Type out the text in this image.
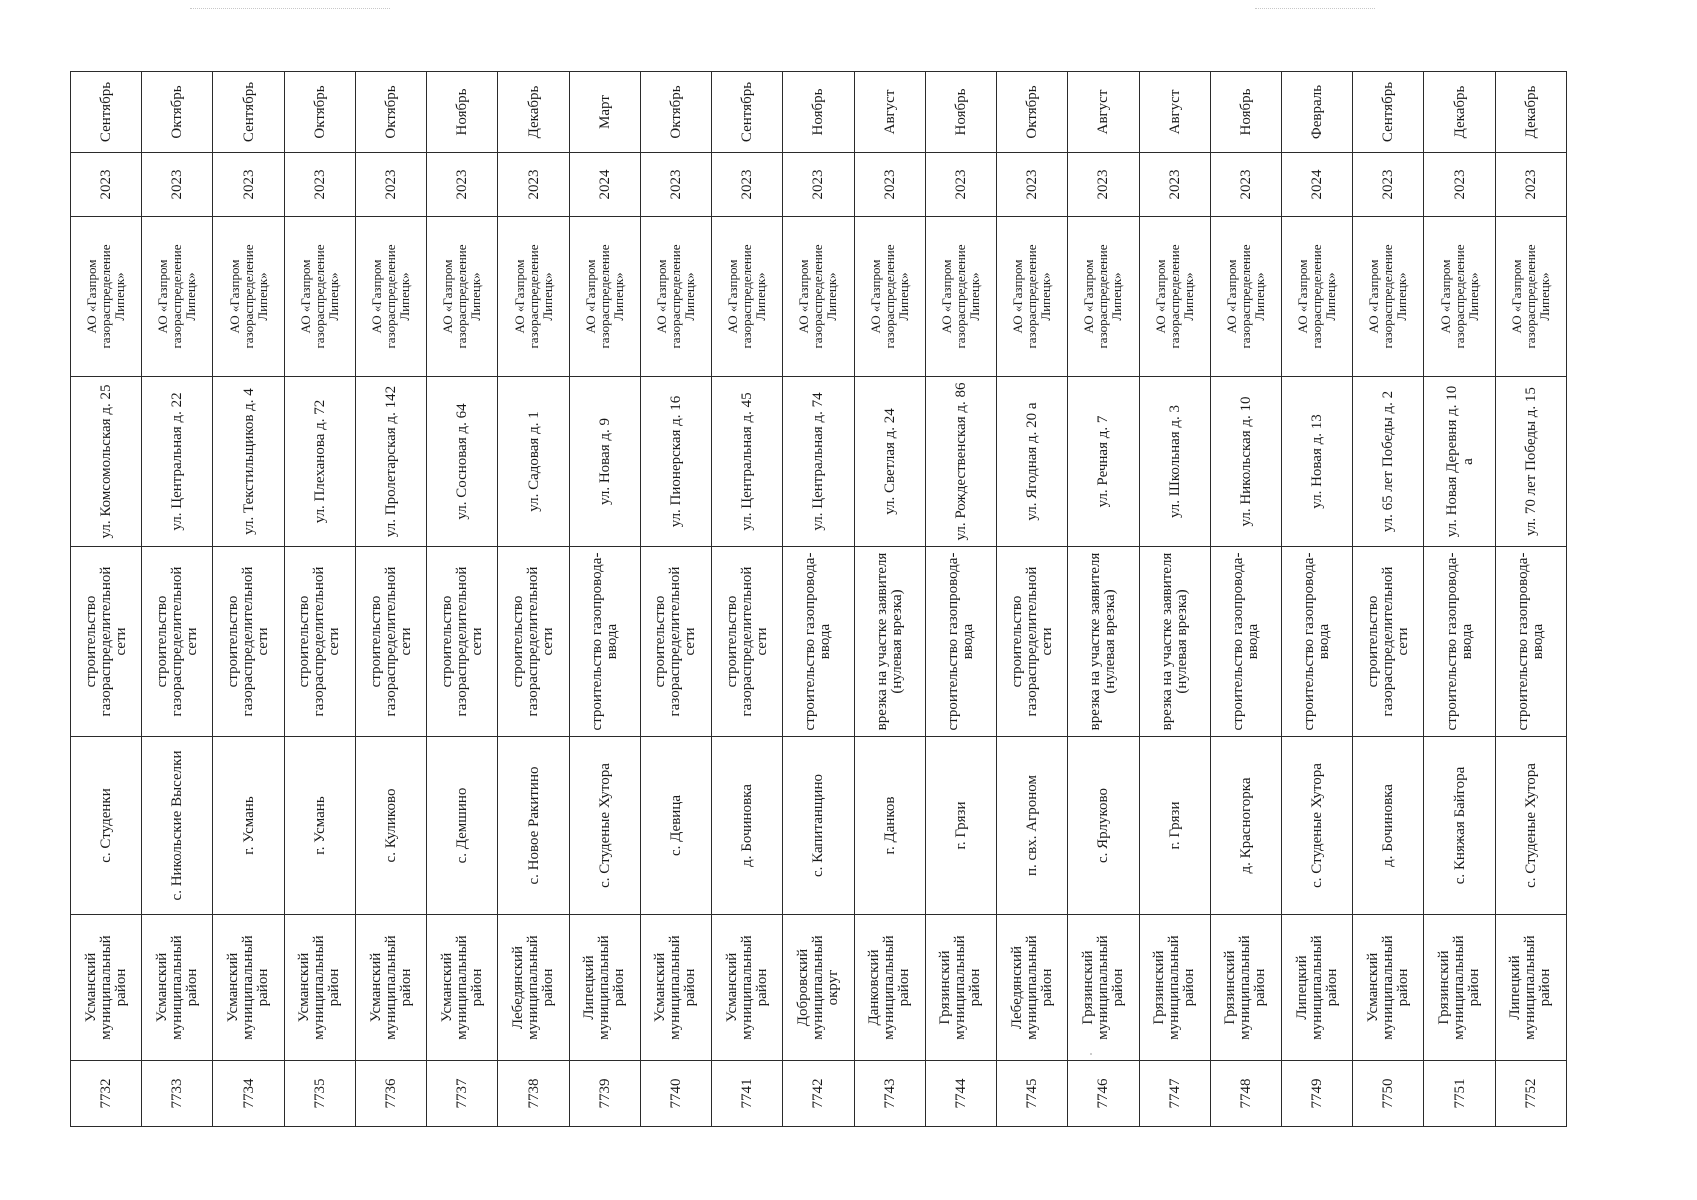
7732	Усманский муниципальный район	с. Студенки	строительство газораспределительной сети	ул. Комсомольская д. 25	АО «Газпром газораспределение Липецк»	2023	Сентябрь
7733	Усманский муниципальный район	с. Никольские Выселки	строительство газораспределительной сети	ул. Центральная д. 22	АО «Газпром газораспределение Липецк»	2023	Октябрь
7734	Усманский муниципальный район	г. Усмань	строительство газораспределительной сети	ул. Текстильщиков д. 4	АО «Газпром газораспределение Липецк»	2023	Сентябрь
7735	Усманский муниципальный район	г. Усмань	строительство газораспределительной сети	ул. Плеханова д. 72	АО «Газпром газораспределение Липецк»	2023	Октябрь
7736	Усманский муниципальный район	с. Куликово	строительство газораспределительной сети	ул. Пролетарская д. 142	АО «Газпром газораспределение Липецк»	2023	Октябрь
7737	Усманский муниципальный район	с. Демшино	строительство газораспределительной сети	ул. Сосновая д. 64	АО «Газпром газораспределение Липецк»	2023	Ноябрь
7738	Лебедянский муниципальный район	с. Новое Ракитино	строительство газораспределительной сети	ул. Садовая д. 1	АО «Газпром газораспределение Липецк»	2023	Декабрь
7739	Липецкий муниципальный район	с. Студеные Хутора	строительство газопровода-ввода	ул. Новая д. 9	АО «Газпром газораспределение Липецк»	2024	Март
7740	Усманский муниципальный район	с. Девица	строительство газораспределительной сети	ул. Пионерская д. 16	АО «Газпром газораспределение Липецк»	2023	Октябрь
7741	Усманский муниципальный район	д. Бочиновка	строительство газораспределительной сети	ул. Центральная д. 45	АО «Газпром газораспределение Липецк»	2023	Сентябрь
7742	Добровский муниципальный округ	с. Капитанщино	строительство газопровода-ввода	ул. Центральная д. 74	АО «Газпром газораспределение Липецк»	2023	Ноябрь
7743	Данковский муниципальный район	г. Данков	врезка на участке заявителя (нулевая врезка)	ул. Светлая д. 24	АО «Газпром газораспределение Липецк»	2023	Август
7744	Грязинский муниципальный район	г. Грязи	строительство газопровода-ввода	ул. Рождественская д. 86	АО «Газпром газораспределение Липецк»	2023	Ноябрь
7745	Лебедянский муниципальный район	п. свх. Агроном	строительство газораспределительной сети	ул. Ягодная д. 20 а	АО «Газпром газораспределение Липецк»	2023	Октябрь
7746	Грязинский муниципальный район	с. Ярлуково	врезка на участке заявителя (нулевая врезка)	ул. Речная д. 7	АО «Газпром газораспределение Липецк»	2023	Август
7747	Грязинский муниципальный район	г. Грязи	врезка на участке заявителя (нулевая врезка)	ул. Школьная д. 3	АО «Газпром газораспределение Липецк»	2023	Август
7748	Грязинский муниципальный район	д. Красногорка	строительство газопровода-ввода	ул. Никольская д. 10	АО «Газпром газораспределение Липецк»	2023	Ноябрь
7749	Липецкий муниципальный район	с. Студеные Хутора	строительство газопровода-ввода	ул. Новая д. 13	АО «Газпром газораспределение Липецк»	2024	Февраль
7750	Усманский муниципальный район	д. Бочиновка	строительство газораспределительной сети	ул. 65 лет Победы д. 2	АО «Газпром газораспределение Липецк»	2023	Сентябрь
7751	Грязинский муниципальный район	с. Княжая Байгора	строительство газопровода-ввода	ул. Новая Деревня д. 10 а	АО «Газпром газораспределение Липецк»	2023	Декабрь
7752	Липецкий муниципальный район	с. Студеные Хутора	строительство газопровода-ввода	ул. 70 лет Победы д. 15	АО «Газпром газораспределение Липецк»	2023	Декабрь
